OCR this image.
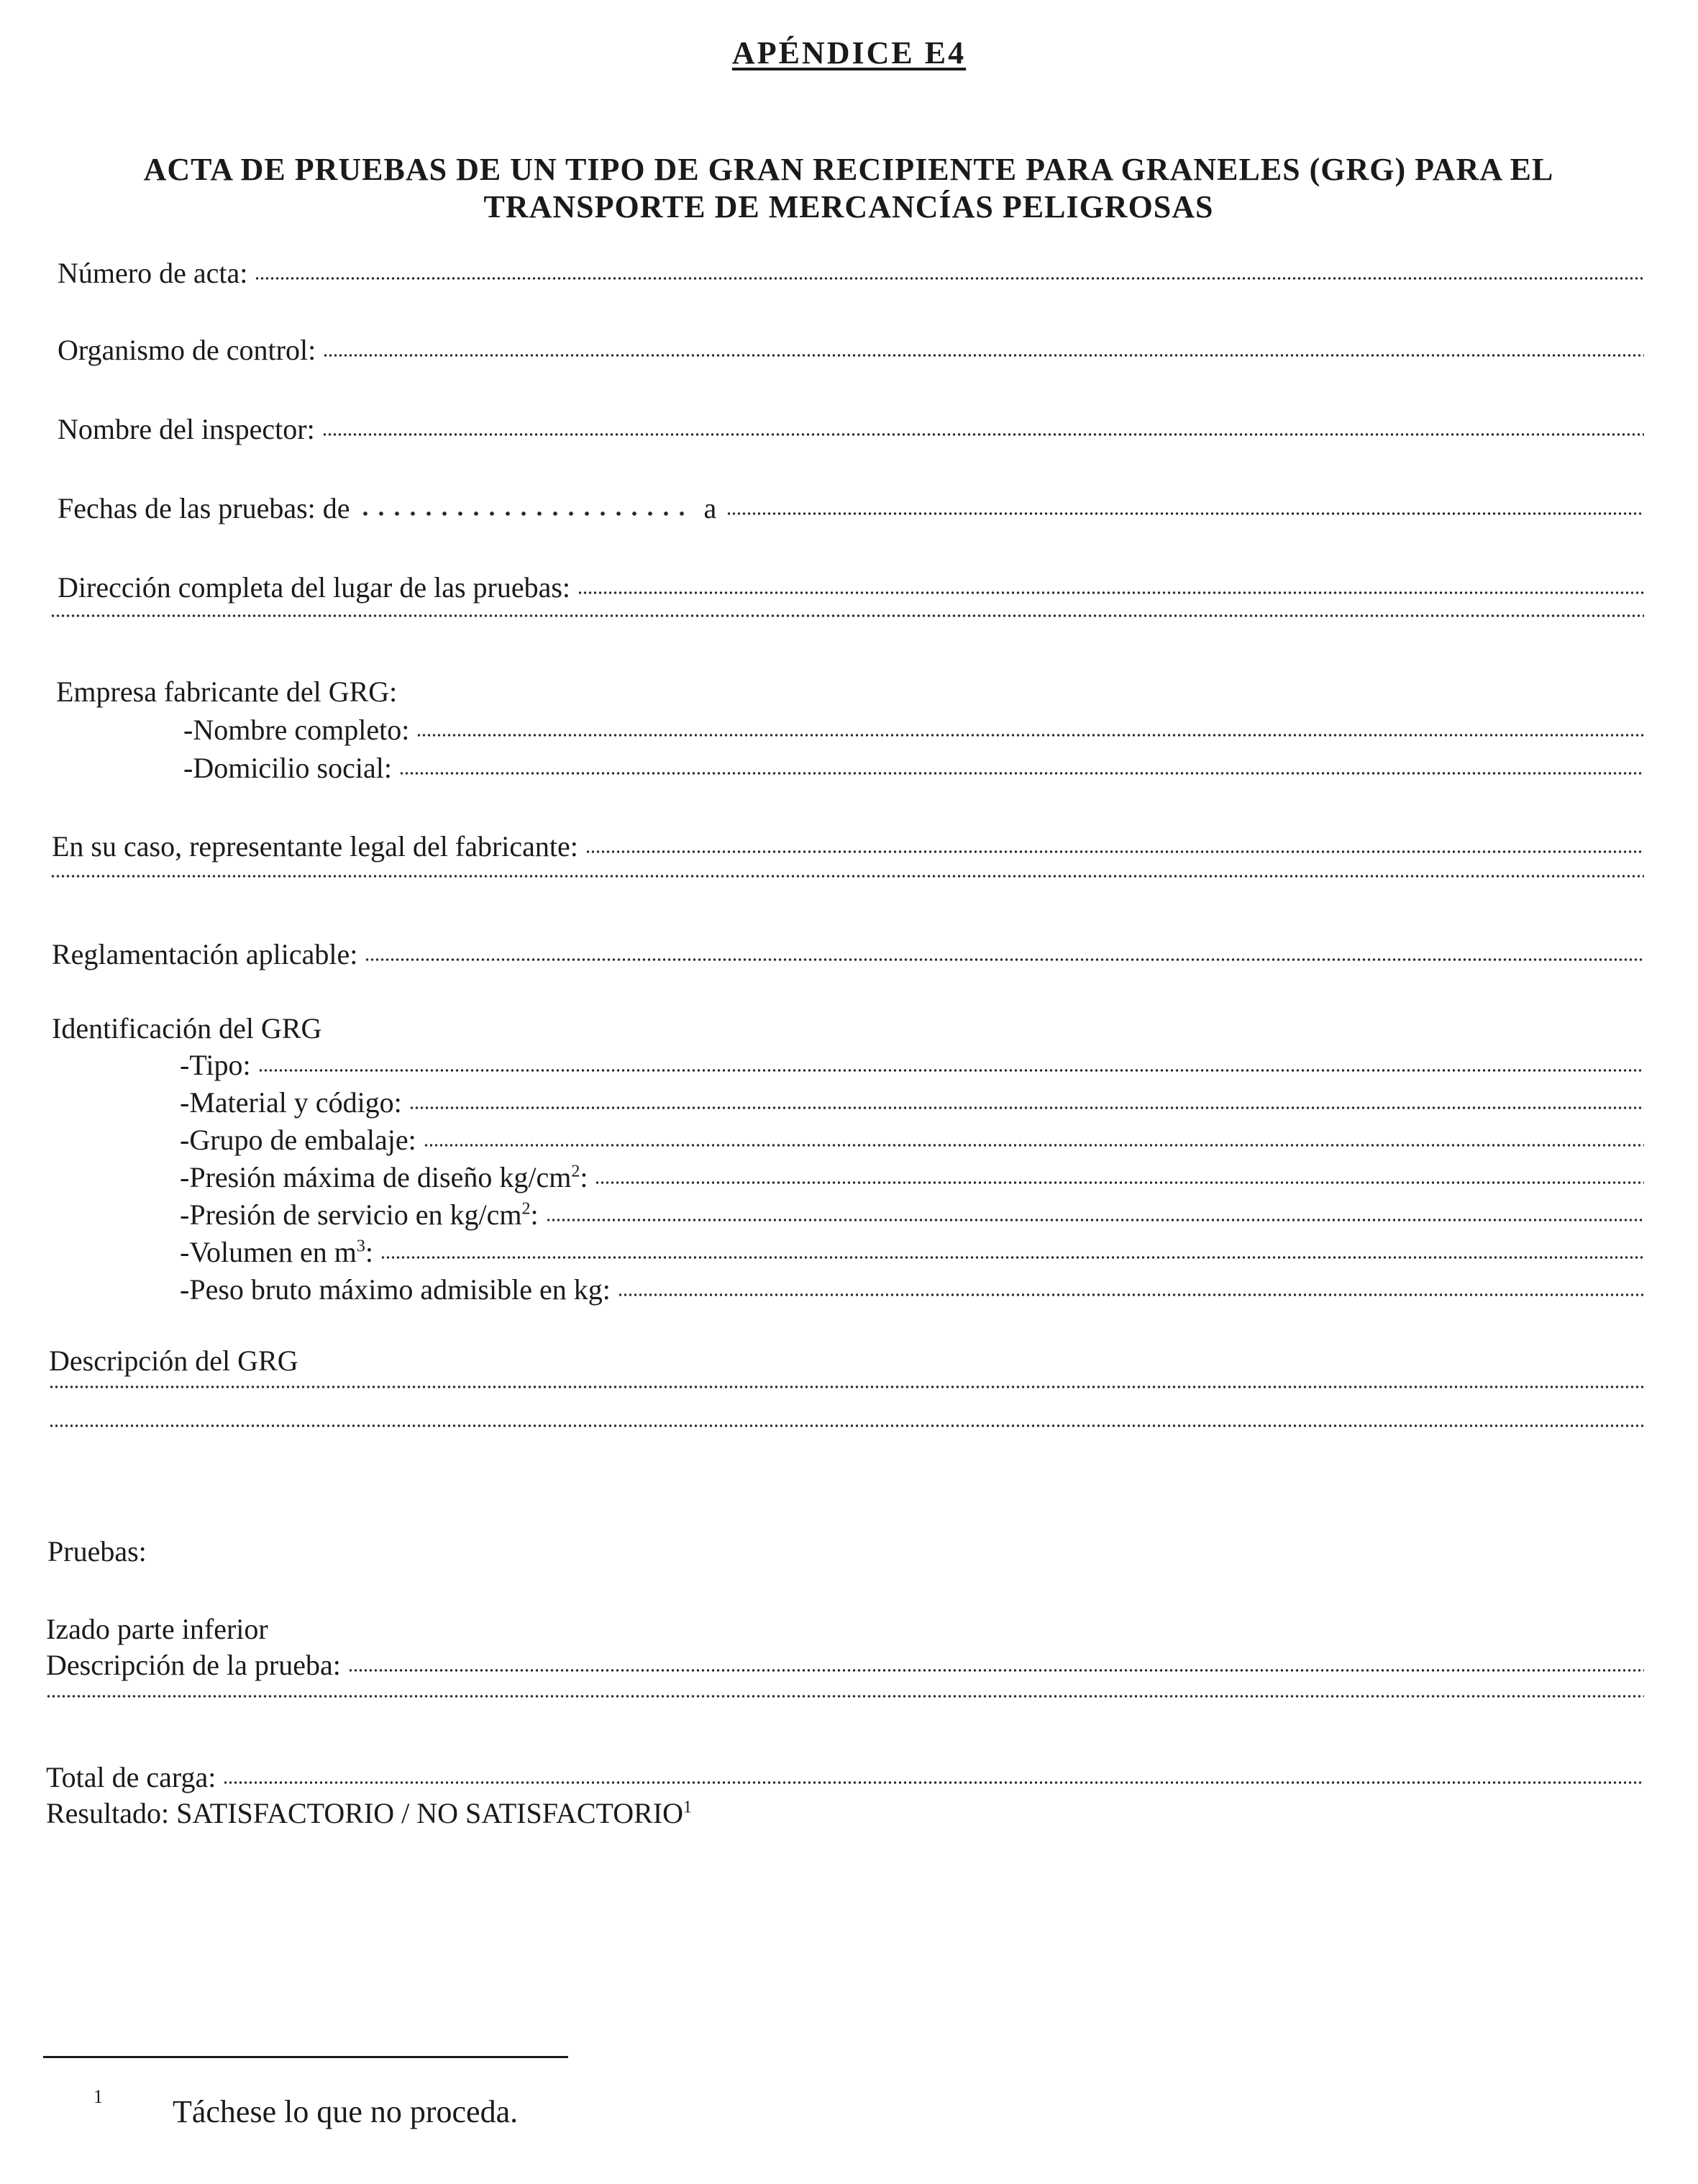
APÉNDICE E4
ACTA DE PRUEBAS DE UN TIPO DE GRAN RECIPIENTE PARA GRANELES (GRG) PARA EL TRANSPORTE DE MERCANCÍAS PELIGROSAS
Número de acta:
Organismo de control:
Nombre del inspector:
Fechas de las pruebas: de	a
Dirección completa del lugar de las pruebas:
Empresa fabricante del GRG:
-Nombre completo:
-Domicilio social:
En su caso, representante legal del fabricante:
Reglamentación aplicable:
Identificación del GRG
-Tipo:
-Material y código:
-Grupo de embalaje:
-Presión máxima de diseño $kg/cm^2$:
-Presión de servicio en $kg/cm^2$:
-Volumen en $m^3$:
-Peso bruto máximo admisible en kg:
Descripción del GRG
Pruebas:
Izado parte inferior
Descripción de la prueba:
Total de carga:
Resultado: SATISFACTORIO / NO SATISFACTORIO$^1$
1 Táchese lo que no proceda.
